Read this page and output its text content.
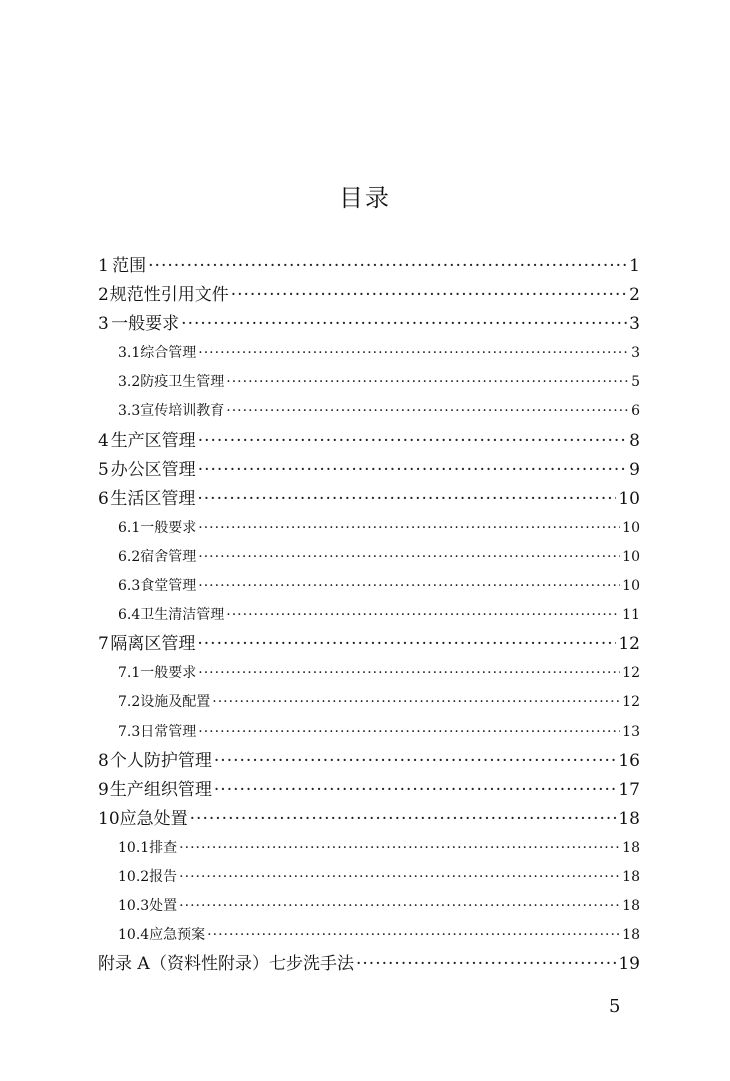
目录
1 范围 ·····	1
2 规范性引用文件 ·····	2
3 一般要求 ·····	3
3.1 综合管理 ·····	3
3.2 防疫卫生管理 ·····	5
3.3 宣传培训教育 ·····	6
4 生产区管理 ·····	8
5 办公区管理 ·····	9
6 生活区管理 ·····	10
6.1 一般要求 ·····	10
6.2 宿舍管理 ·····	10
6.3 食堂管理 ·····	10
6.4 卫生清洁管理 ·····	11
7 隔离区管理 ·····	12
7.1 一般要求 ·····	12
7.2 设施及配置 ·····	12
7.3 日常管理 ·····	13
8 个人防护管理 ·····	16
9 生产组织管理 ·····	17
10 应急处置 ·····	18
10.1 排查 ·····	18
10.2 报告 ·····	18
10.3 处置 ·····	18
10.4 应急预案 ·····	18
附录 A （资料性附录）七步洗手法 ·····	19
5
